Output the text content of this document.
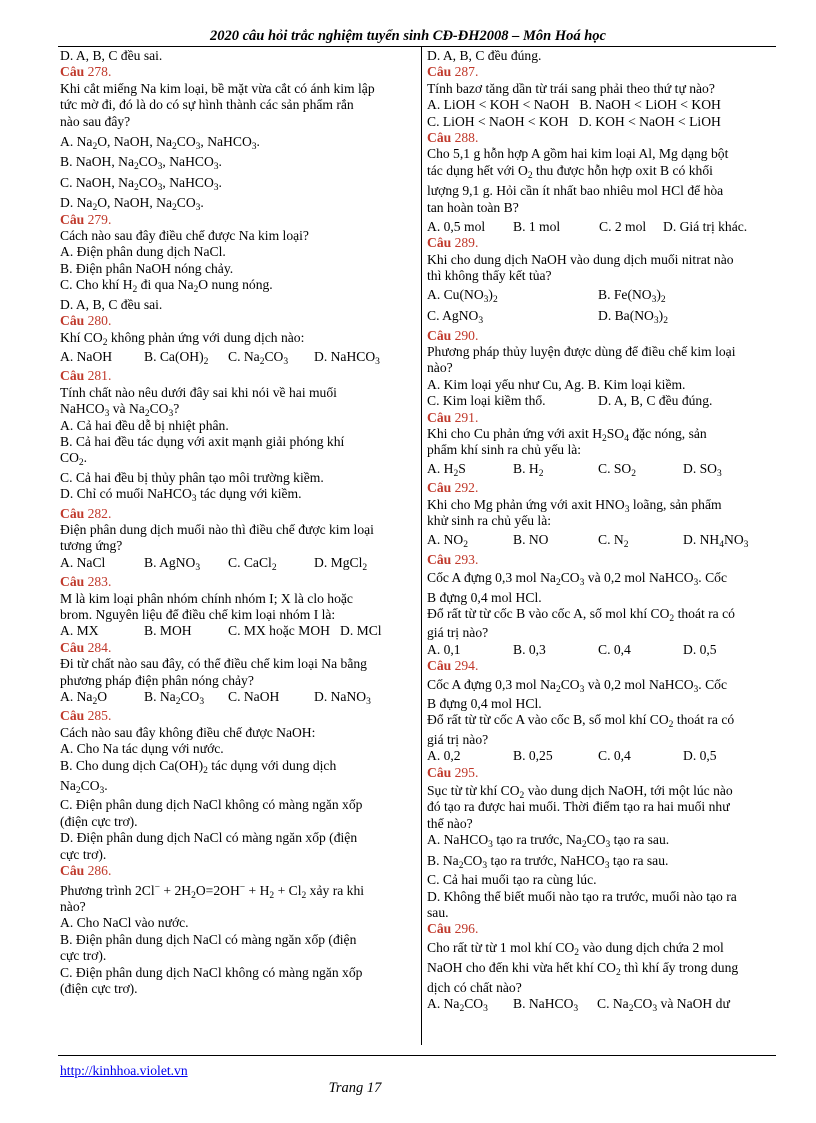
2020 câu hỏi trắc nghiệm tuyển sinh CĐ-ĐH2008 – Môn Hoá học

D. A, B, C đều sai.

Câu 278.

Khi cắt miếng Na kim loại, bề mặt vừa cắt có ánh kim lập

tức mờ đi, đó là do có sự hình thành các sản phẩm rắn

nào sau đây?

A. $Na_2O$, NaOH, $Na_2CO_3$, NaHCO$_3$.

B. NaOH, $Na_2CO_3$, NaHCO$_3$.

C. NaOH, $Na_2CO_3$, NaHCO$_3$.

D. $Na_2O$, NaOH, $Na_2CO_3$.

Câu 279.

Cách nào sau đây điều chế được Na kim loại?

A. Điện phân dung dịch NaCl.

B. Điện phân NaOH nóng chảy.

C. Cho khí $H_2$ đi qua $Na_2O$ nung nóng.

D. A, B, C đều sai.

Câu 280.

Khí $CO_2$ không phản ứng với dung dịch nào:

A. NaOH	B. $Ca(OH)_2$	C. $Na_2CO_3$	D. NaHCO$_3$

Câu 281.

Tính chất nào nêu dưới đây sai khi nói về hai muối

NaHCO$_3$ và $Na_2CO_3$?

A. Cả hai đều dễ bị nhiệt phân.

B. Cả hai đều tác dụng với axit mạnh giải phóng khí

$CO_2$.

C. Cả hai đều bị thủy phân tạo môi trường kiềm.

D. Chỉ có muối NaHCO$_3$ tác dụng với kiềm.

Câu 282.

Điện phân dung dịch muối nào thì điều chế được kim loại

tương ứng?

A. NaCl	B. AgNO$_3$	C. CaCl$_2$	D. MgCl$_2$

Câu 283.

M là kim loại phân nhóm chính nhóm I; X là clo hoặc

brom. Nguyên liệu để điều chế kim loại nhóm I là:

A. MX	B. MOH	C. MX hoặc MOH D. MCl

Câu 284.

Đi từ chất nào sau đây, có thể điều chế kim loại Na bằng

phương pháp điện phân nóng chảy?

A. $Na_2O$	B. $Na_2CO_3$	C. NaOH	D. NaNO$_3$

Câu 285.

Cách nào sau đây không điều chế được NaOH:

A. Cho Na tác dụng với nước.

B. Cho dung dịch $Ca(OH)_2$ tác dụng với dung dịch

$Na_2CO_3$.

C. Điện phân dung dịch NaCl không có màng ngăn xốp

(điện cực trơ).

D. Điện phân dung dịch NaCl có màng ngăn xốp (điện

cực trơ).

Câu 286.

Phương trình $2Cl^- + 2H_2O=2OH^- + H_2 + Cl_2$ xảy ra khi

nào?

A. Cho NaCl vào nước.

B. Điện phân dung dịch NaCl có màng ngăn xốp (điện

cực trơ).

C. Điện phân dung dịch NaCl không có màng ngăn xốp

(điện cực trơ).

D. A, B, C đều đúng.

Câu 287.

Tính bazơ tăng dần từ trái sang phải theo thứ tự nào?

A. LiOH < KOH < NaOH   B. NaOH < LiOH < KOH

C. LiOH < NaOH < KOH   D. KOH < NaOH < LiOH

Câu 288.

Cho 5,1 g hỗn hợp A gồm hai kim loại Al, Mg dạng bột

tác dụng hết với $O_2$ thu được hỗn hợp oxit B có khối

lượng 9,1 g. Hỏi cần ít nhất bao nhiêu mol HCl để hòa

tan hoàn toàn B?

A. 0,5 mol	B. 1 mol	C. 2 mol	D. Giá trị khác.

Câu 289.

Khi cho dung dịch NaOH vào dung dịch muối nitrat nào

thì không thấy kết tủa?

A. $Cu(NO_3)_2$	B. $Fe(NO_3)_2$
C. AgNO$_3$	D. $Ba(NO_3)_2$

Câu 290.

Phương pháp thủy luyện được dùng để điều chế kim loại

nào?

A. Kim loại yếu như Cu, Ag. B. Kim loại kiềm.

C. Kim loại kiềm thổ.	D. A, B, C đều đúng.

Câu 291.

Khi cho Cu phản ứng với axit $H_2SO_4$ đặc nóng, sản

phẩm khí sinh ra chủ yếu là:

A. $H_2S$	B. $H_2$	C. $SO_2$	D. $SO_3$

Câu 292.

Khi cho Mg phản ứng với axit $HNO_3$ loãng, sản phẩm

khử sinh ra chủ yếu là:

A. $NO_2$	B. NO	C. $N_2$	D. $NH_4NO_3$

Câu 293.

Cốc A đựng 0,3 mol $Na_2CO_3$ và 0,2 mol NaHCO$_3$. Cốc

B đựng 0,4 mol HCl.

Đổ rất từ từ cốc B vào cốc A, số mol khí $CO_2$ thoát ra có

giá trị nào?

A. 0,1	B. 0,3	C. 0,4	D. 0,5

Câu 294.

Cốc A đựng 0,3 mol $Na_2CO_3$ và 0,2 mol NaHCO$_3$. Cốc

B đựng 0,4 mol HCl.

Đổ rất từ từ cốc A vào cốc B, số mol khí $CO_2$ thoát ra có

giá trị nào?

A. 0,2	B. 0,25	C. 0,4	D. 0,5

Câu 295.

Sục từ từ khí $CO_2$ vào dung dịch NaOH, tới một lúc nào

đó tạo ra được hai muối. Thời điểm tạo ra hai muối như

thế nào?

A. NaHCO$_3$ tạo ra trước, $Na_2CO_3$ tạo ra sau.

B. $Na_2CO_3$ tạo ra trước, NaHCO$_3$ tạo ra sau.

C. Cả hai muối tạo ra cùng lúc.

D. Không thể biết muối nào tạo ra trước, muối nào tạo ra

sau.

Câu 296.

Cho rất từ từ 1 mol khí $CO_2$ vào dung dịch chứa 2 mol

NaOH cho đến khi vừa hết khí $CO_2$ thì khí ấy trong dung

dịch có chất nào?

A. $Na_2CO_3$	B. NaHCO$_3$	C. $Na_2CO_3$ và NaOH dư
http://kinhhoa.violet.vn
Trang 17
